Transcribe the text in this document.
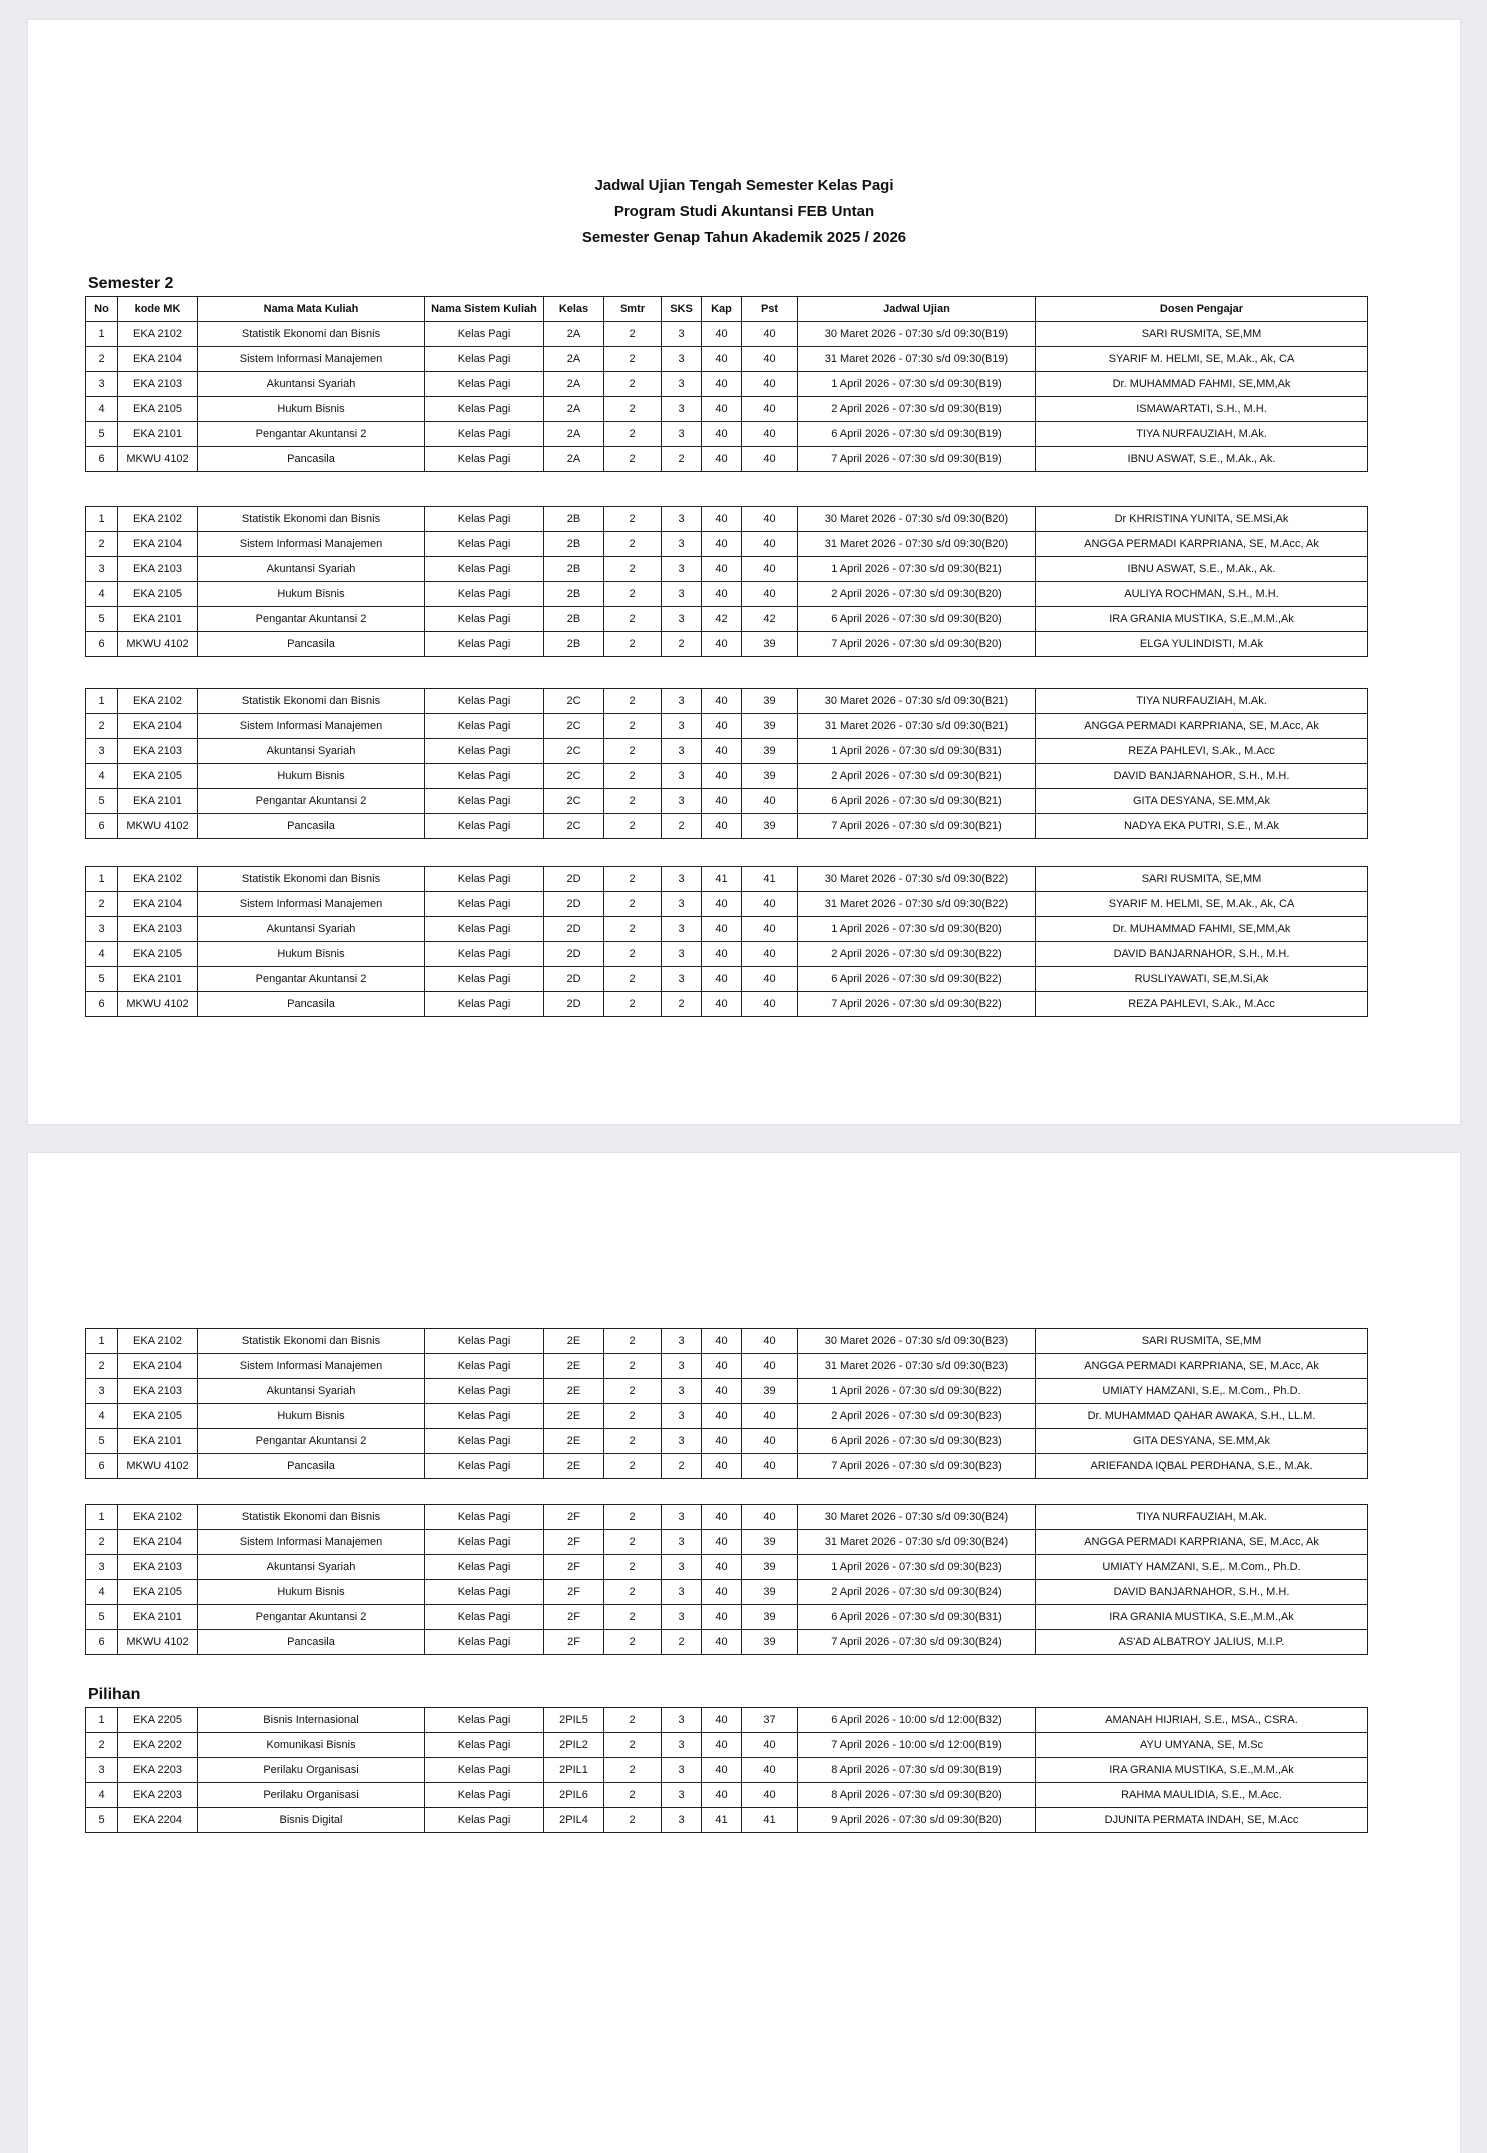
Jadwal Ujian Tengah Semester Kelas Pagi
Program Studi Akuntansi FEB Untan
Semester Genap Tahun Akademik 2025 / 2026
Semester 2
No	kode MK	Nama Mata Kuliah	Nama Sistem Kuliah	Kelas	Smtr	SKS	Kap	Pst	Jadwal Ujian	Dosen Pengajar
1	EKA 2102	Statistik Ekonomi dan Bisnis	Kelas Pagi	2A	2	3	40	40	30 Maret 2026 - 07:30 s/d 09:30(B19)	SARI RUSMITA, SE,MM
2	EKA 2104	Sistem Informasi Manajemen	Kelas Pagi	2A	2	3	40	40	31 Maret 2026 - 07:30 s/d 09:30(B19)	SYARIF M. HELMI, SE, M.Ak., Ak, CA
3	EKA 2103	Akuntansi Syariah	Kelas Pagi	2A	2	3	40	40	1 April 2026 - 07:30 s/d 09:30(B19)	Dr. MUHAMMAD FAHMI, SE,MM,Ak
4	EKA 2105	Hukum Bisnis	Kelas Pagi	2A	2	3	40	40	2 April 2026 - 07:30 s/d 09:30(B19)	ISMAWARTATI, S.H., M.H.
5	EKA 2101	Pengantar Akuntansi 2	Kelas Pagi	2A	2	3	40	40	6 April 2026 - 07:30 s/d 09:30(B19)	TIYA NURFAUZIAH, M.Ak.
6	MKWU 4102	Pancasila	Kelas Pagi	2A	2	2	40	40	7 April 2026 - 07:30 s/d 09:30(B19)	IBNU ASWAT, S.E., M.Ak., Ak.
1	EKA 2102	Statistik Ekonomi dan Bisnis	Kelas Pagi	2B	2	3	40	40	30 Maret 2026 - 07:30 s/d 09:30(B20)	Dr KHRISTINA YUNITA, SE.MSi,Ak
2	EKA 2104	Sistem Informasi Manajemen	Kelas Pagi	2B	2	3	40	40	31 Maret 2026 - 07:30 s/d 09:30(B20)	ANGGA PERMADI KARPRIANA, SE, M.Acc, Ak
3	EKA 2103	Akuntansi Syariah	Kelas Pagi	2B	2	3	40	40	1 April 2026 - 07:30 s/d 09:30(B21)	IBNU ASWAT, S.E., M.Ak., Ak.
4	EKA 2105	Hukum Bisnis	Kelas Pagi	2B	2	3	40	40	2 April 2026 - 07:30 s/d 09:30(B20)	AULIYA ROCHMAN, S.H., M.H.
5	EKA 2101	Pengantar Akuntansi 2	Kelas Pagi	2B	2	3	42	42	6 April 2026 - 07:30 s/d 09:30(B20)	IRA GRANIA MUSTIKA, S.E.,M.M.,Ak
6	MKWU 4102	Pancasila	Kelas Pagi	2B	2	2	40	39	7 April 2026 - 07:30 s/d 09:30(B20)	ELGA YULINDISTI, M.Ak
1	EKA 2102	Statistik Ekonomi dan Bisnis	Kelas Pagi	2C	2	3	40	39	30 Maret 2026 - 07:30 s/d 09:30(B21)	TIYA NURFAUZIAH, M.Ak.
2	EKA 2104	Sistem Informasi Manajemen	Kelas Pagi	2C	2	3	40	39	31 Maret 2026 - 07:30 s/d 09:30(B21)	ANGGA PERMADI KARPRIANA, SE, M.Acc, Ak
3	EKA 2103	Akuntansi Syariah	Kelas Pagi	2C	2	3	40	39	1 April 2026 - 07:30 s/d 09:30(B31)	REZA PAHLEVI, S.Ak., M.Acc
4	EKA 2105	Hukum Bisnis	Kelas Pagi	2C	2	3	40	39	2 April 2026 - 07:30 s/d 09:30(B21)	DAVID BANJARNAHOR, S.H., M.H.
5	EKA 2101	Pengantar Akuntansi 2	Kelas Pagi	2C	2	3	40	40	6 April 2026 - 07:30 s/d 09:30(B21)	GITA DESYANA, SE.MM,Ak
6	MKWU 4102	Pancasila	Kelas Pagi	2C	2	2	40	39	7 April 2026 - 07:30 s/d 09:30(B21)	NADYA EKA PUTRI, S.E., M.Ak
1	EKA 2102	Statistik Ekonomi dan Bisnis	Kelas Pagi	2D	2	3	41	41	30 Maret 2026 - 07:30 s/d 09:30(B22)	SARI RUSMITA, SE,MM
2	EKA 2104	Sistem Informasi Manajemen	Kelas Pagi	2D	2	3	40	40	31 Maret 2026 - 07:30 s/d 09:30(B22)	SYARIF M. HELMI, SE, M.Ak., Ak, CA
3	EKA 2103	Akuntansi Syariah	Kelas Pagi	2D	2	3	40	40	1 April 2026 - 07:30 s/d 09:30(B20)	Dr. MUHAMMAD FAHMI, SE,MM,Ak
4	EKA 2105	Hukum Bisnis	Kelas Pagi	2D	2	3	40	40	2 April 2026 - 07:30 s/d 09:30(B22)	DAVID BANJARNAHOR, S.H., M.H.
5	EKA 2101	Pengantar Akuntansi 2	Kelas Pagi	2D	2	3	40	40	6 April 2026 - 07:30 s/d 09:30(B22)	RUSLIYAWATI, SE,M.Si,Ak
6	MKWU 4102	Pancasila	Kelas Pagi	2D	2	2	40	40	7 April 2026 - 07:30 s/d 09:30(B22)	REZA PAHLEVI, S.Ak., M.Acc
1	EKA 2102	Statistik Ekonomi dan Bisnis	Kelas Pagi	2E	2	3	40	40	30 Maret 2026 - 07:30 s/d 09:30(B23)	SARI RUSMITA, SE,MM
2	EKA 2104	Sistem Informasi Manajemen	Kelas Pagi	2E	2	3	40	40	31 Maret 2026 - 07:30 s/d 09:30(B23)	ANGGA PERMADI KARPRIANA, SE, M.Acc, Ak
3	EKA 2103	Akuntansi Syariah	Kelas Pagi	2E	2	3	40	39	1 April 2026 - 07:30 s/d 09:30(B22)	UMIATY HAMZANI, S.E,. M.Com., Ph.D.
4	EKA 2105	Hukum Bisnis	Kelas Pagi	2E	2	3	40	40	2 April 2026 - 07:30 s/d 09:30(B23)	Dr. MUHAMMAD QAHAR AWAKA, S.H., LL.M.
5	EKA 2101	Pengantar Akuntansi 2	Kelas Pagi	2E	2	3	40	40	6 April 2026 - 07:30 s/d 09:30(B23)	GITA DESYANA, SE.MM,Ak
6	MKWU 4102	Pancasila	Kelas Pagi	2E	2	2	40	40	7 April 2026 - 07:30 s/d 09:30(B23)	ARIEFANDA IQBAL PERDHANA, S.E., M.Ak.
1	EKA 2102	Statistik Ekonomi dan Bisnis	Kelas Pagi	2F	2	3	40	40	30 Maret 2026 - 07:30 s/d 09:30(B24)	TIYA NURFAUZIAH, M.Ak.
2	EKA 2104	Sistem Informasi Manajemen	Kelas Pagi	2F	2	3	40	39	31 Maret 2026 - 07:30 s/d 09:30(B24)	ANGGA PERMADI KARPRIANA, SE, M.Acc, Ak
3	EKA 2103	Akuntansi Syariah	Kelas Pagi	2F	2	3	40	39	1 April 2026 - 07:30 s/d 09:30(B23)	UMIATY HAMZANI, S.E,. M.Com., Ph.D.
4	EKA 2105	Hukum Bisnis	Kelas Pagi	2F	2	3	40	39	2 April 2026 - 07:30 s/d 09:30(B24)	DAVID BANJARNAHOR, S.H., M.H.
5	EKA 2101	Pengantar Akuntansi 2	Kelas Pagi	2F	2	3	40	39	6 April 2026 - 07:30 s/d 09:30(B31)	IRA GRANIA MUSTIKA, S.E.,M.M.,Ak
6	MKWU 4102	Pancasila	Kelas Pagi	2F	2	2	40	39	7 April 2026 - 07:30 s/d 09:30(B24)	AS'AD ALBATROY JALIUS, M.I.P.
Pilihan
1	EKA 2205	Bisnis Internasional	Kelas Pagi	2PIL5	2	3	40	37	6 April 2026 - 10:00 s/d 12:00(B32)	AMANAH HIJRIAH, S.E., MSA., CSRA.
2	EKA 2202	Komunikasi Bisnis	Kelas Pagi	2PIL2	2	3	40	40	7 April 2026 - 10:00 s/d 12:00(B19)	AYU UMYANA, SE, M.Sc
3	EKA 2203	Perilaku Organisasi	Kelas Pagi	2PIL1	2	3	40	40	8 April 2026 - 07:30 s/d 09:30(B19)	IRA GRANIA MUSTIKA, S.E.,M.M.,Ak
4	EKA 2203	Perilaku Organisasi	Kelas Pagi	2PIL6	2	3	40	40	8 April 2026 - 07:30 s/d 09:30(B20)	RAHMA MAULIDIA, S.E., M.Acc.
5	EKA 2204	Bisnis Digital	Kelas Pagi	2PIL4	2	3	41	41	9 April 2026 - 07:30 s/d 09:30(B20)	DJUNITA PERMATA INDAH, SE, M.Acc
